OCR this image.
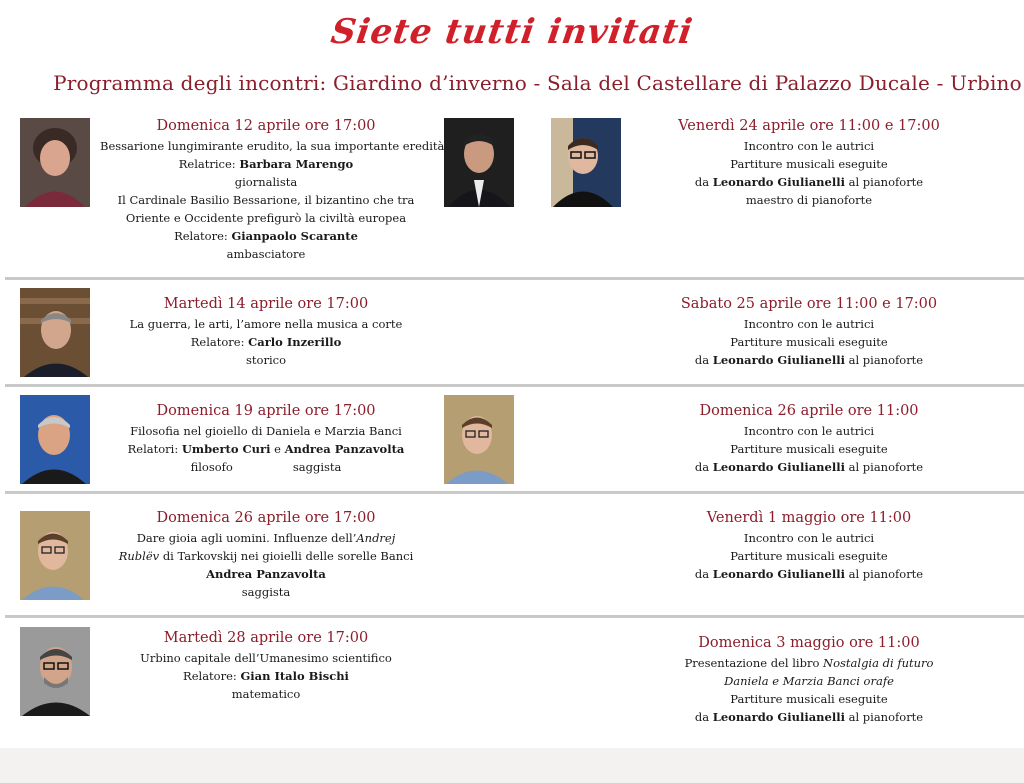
Siete tutti invitati
Programma degli incontri: Giardino d’inverno - Sala del Castellare di Palazzo Ducale - Urbino
Domenica 12 aprile ore 17:00
Bessarione lungimirante erudito, la sua importante eredità
Relatrice: Barbara Marengo
giornalista
Il Cardinale Basilio Bessarione, il bizantino che tra
Oriente e Occidente prefigurò la civiltà europea
Relatore: Gianpaolo Scarante
ambasciatore
Martedì 14 aprile ore 17:00
La guerra, le arti, l’amore nella musica a corte
Relatore: Carlo Inzerillo
storico
Domenica 19 aprile ore 17:00
Filosofia nel gioiello di Daniela e Marzia Banci
Relatori: Umberto Curi e Andrea Panzavolta
filosofo	saggista
Domenica 26 aprile ore 17:00
Dare gioia agli uomini. Influenze dell’Andrej
Rublëv di Tarkovskij nei gioielli delle sorelle Banci
Andrea Panzavolta
saggista
Martedì 28 aprile ore 17:00
Urbino capitale dell’Umanesimo scientifico
Relatore: Gian Italo Bischi
matematico
Venerdì 24 aprile ore 11:00 e 17:00
Incontro con le autrici
Partiture musicali eseguite
da Leonardo Giulianelli al pianoforte
maestro di pianoforte
Sabato 25 aprile ore 11:00 e 17:00
Incontro con le autrici
Partiture musicali eseguite
da Leonardo Giulianelli al pianoforte
Domenica 26 aprile ore 11:00
Incontro con le autrici
Partiture musicali eseguite
da Leonardo Giulianelli al pianoforte
Venerdì 1 maggio ore 11:00
Incontro con le autrici
Partiture musicali eseguite
da Leonardo Giulianelli al pianoforte
Domenica 3 maggio ore 11:00
Presentazione del libro Nostalgia di futuro
Daniela e Marzia Banci orafe
Partiture musicali eseguite
da Leonardo Giulianelli al pianoforte
